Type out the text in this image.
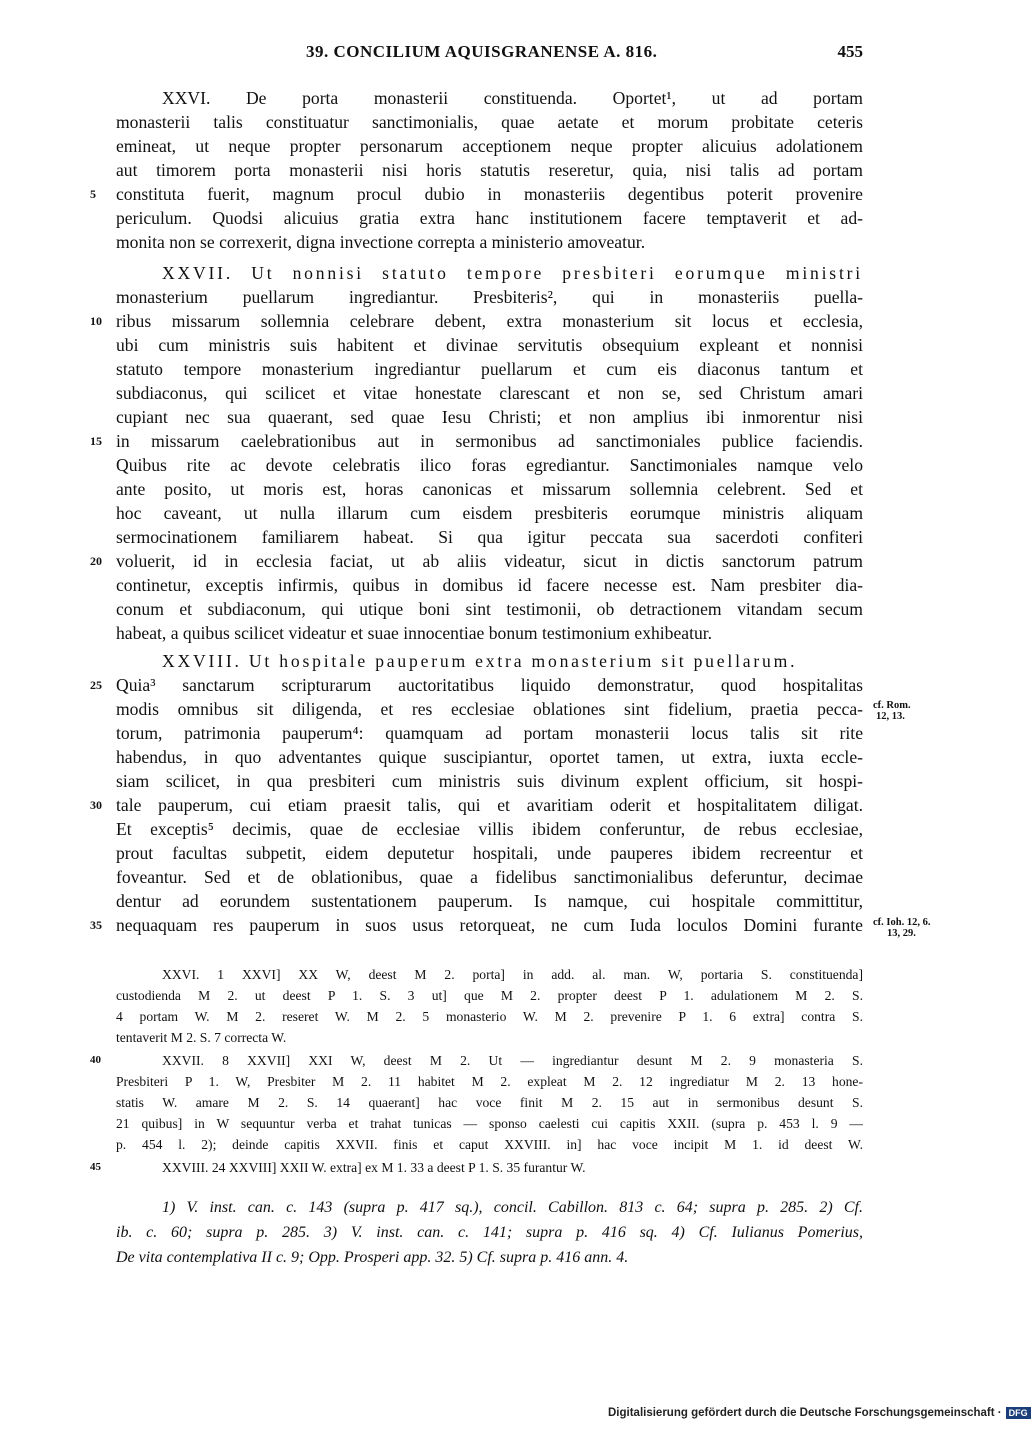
39. CONCILIUM AQUISGRANENSE A. 816.	455
XXVI. De porta monasterii constituenda. Oportet¹, ut ad portam
monasterii talis constituatur sanctimonialis, quae aetate et morum probitate ceteris
emineat, ut neque propter personarum acceptionem neque propter alicuius adolationem
aut timorem porta monasterii nisi horis statutis reseretur, quia, nisi talis ad portam
constituta fuerit, magnum procul dubio in monasteriis degentibus poterit provenire
periculum. Quodsi alicuius gratia extra hanc institutionem facere temptaverit et ad-
monita non se correxerit, digna invectione correpta a ministerio amoveatur.
XXVII. Ut nonnisi statuto tempore presbiteri eorumque ministri
monasterium puellarum ingrediantur. Presbiteris², qui in monasteriis puella-
ribus missarum sollemnia celebrare debent, extra monasterium sit locus et ecclesia,
ubi cum ministris suis habitent et divinae servitutis obsequium expleant et nonnisi
statuto tempore monasterium ingrediantur puellarum et cum eis diaconus tantum et
subdiaconus, qui scilicet et vitae honestate clarescant et non se, sed Christum amari
cupiant nec sua quaerant, sed quae Iesu Christi; et non amplius ibi inmorentur nisi
in missarum caelebrationibus aut in sermonibus ad sanctimoniales publice faciendis.
Quibus rite ac devote celebratis ilico foras egrediantur. Sanctimoniales namque velo
ante posito, ut moris est, horas canonicas et missarum sollemnia celebrent. Sed et
hoc caveant, ut nulla illarum cum eisdem presbiteris eorumque ministris aliquam
sermocinationem familiarem habeat. Si qua igitur peccata sua sacerdoti confiteri
voluerit, id in ecclesia faciat, ut ab aliis videatur, sicut in dictis sanctorum patrum
continetur, exceptis infirmis, quibus in domibus id facere necesse est. Nam presbiter dia-
conum et subdiaconum, qui utique boni sint testimonii, ob detractionem vitandam secum
habeat, a quibus scilicet videatur et suae innocentiae bonum testimonium exhibeatur.
XXVIII. Ut hospitale pauperum extra monasterium sit puellarum.
Quia³ sanctarum scripturarum auctoritatibus liquido demonstratur, quod hospitalitas
modis omnibus sit diligenda, et res ecclesiae oblationes sint fidelium, praetia pecca-
torum, patrimonia pauperum⁴: quamquam ad portam monasterii locus talis sit rite
habendus, in quo adventantes quique suscipiantur, oportet tamen, ut extra, iuxta eccle-
siam scilicet, in qua presbiteri cum ministris suis divinum explent officium, sit hospi-
tale pauperum, cui etiam praesit talis, qui et avaritiam oderit et hospitalitatem diligat.
Et exceptis⁵ decimis, quae de ecclesiae villis ibidem conferuntur, de rebus ecclesiae,
prout facultas subpetit, eidem deputetur hospitali, unde pauperes ibidem recreentur et
foveantur. Sed et de oblationibus, quae a fidelibus sanctimonialibus deferuntur, decimae
dentur ad eorundem sustentationem pauperum. Is namque, cui hospitale committitur,
nequaquam res pauperum in suos usus retorqueat, ne cum Iuda loculos Domini furante
5
10
15
20
25
30
35
cf. Rom.
12, 13.
cf. Ioh. 12, 6.
13, 29.
XXVI. 1 XXVI] XX W, deest M 2. porta] in add. al. man. W, portaria S. constituenda]
custodienda M 2. ut deest P 1. S. 3 ut] que M 2. propter deest P 1. adulationem M 2. S.
4 portam W. M 2. reseret W. M 2. 5 monasterio W. M 2. prevenire P 1. 6 extra] contra S.
tentaverit M 2. S. 7 correcta W.
XXVII. 8 XXVII] XXI W, deest M 2. Ut — ingrediantur desunt M 2. 9 monasteria S.
Presbiteri P 1. W, Presbiter M 2. 11 habitet M 2. expleat M 2. 12 ingrediatur M 2. 13 hone-
statis W. amare M 2. S. 14 quaerant] hac voce finit M 2. 15 aut in sermonibus desunt S.
21 quibus] in W sequuntur verba et trahat tunicas — sponso caelesti cui capitis XXII. (supra p. 453 l. 9 —
p. 454 l. 2); deinde capitis XXVII. finis et caput XXVIII. in] hac voce incipit M 1. id deest W.
XXVIII. 24 XXVIII] XXII W. extra] ex M 1. 33 a deest P 1. S. 35 furantur W.
40
45
1) V. inst. can. c. 143 (supra p. 417 sq.), concil. Cabillon. 813 c. 64; supra p. 285. 2) Cf.
ib. c. 60; supra p. 285. 3) V. inst. can. c. 141; supra p. 416 sq. 4) Cf. Iulianus Pomerius,
De vita contemplativa II c. 9; Opp. Prosperi app. 32. 5) Cf. supra p. 416 ann. 4.
Digitalisierung gefördert durch die Deutsche Forschungsgemeinschaft · DFG
